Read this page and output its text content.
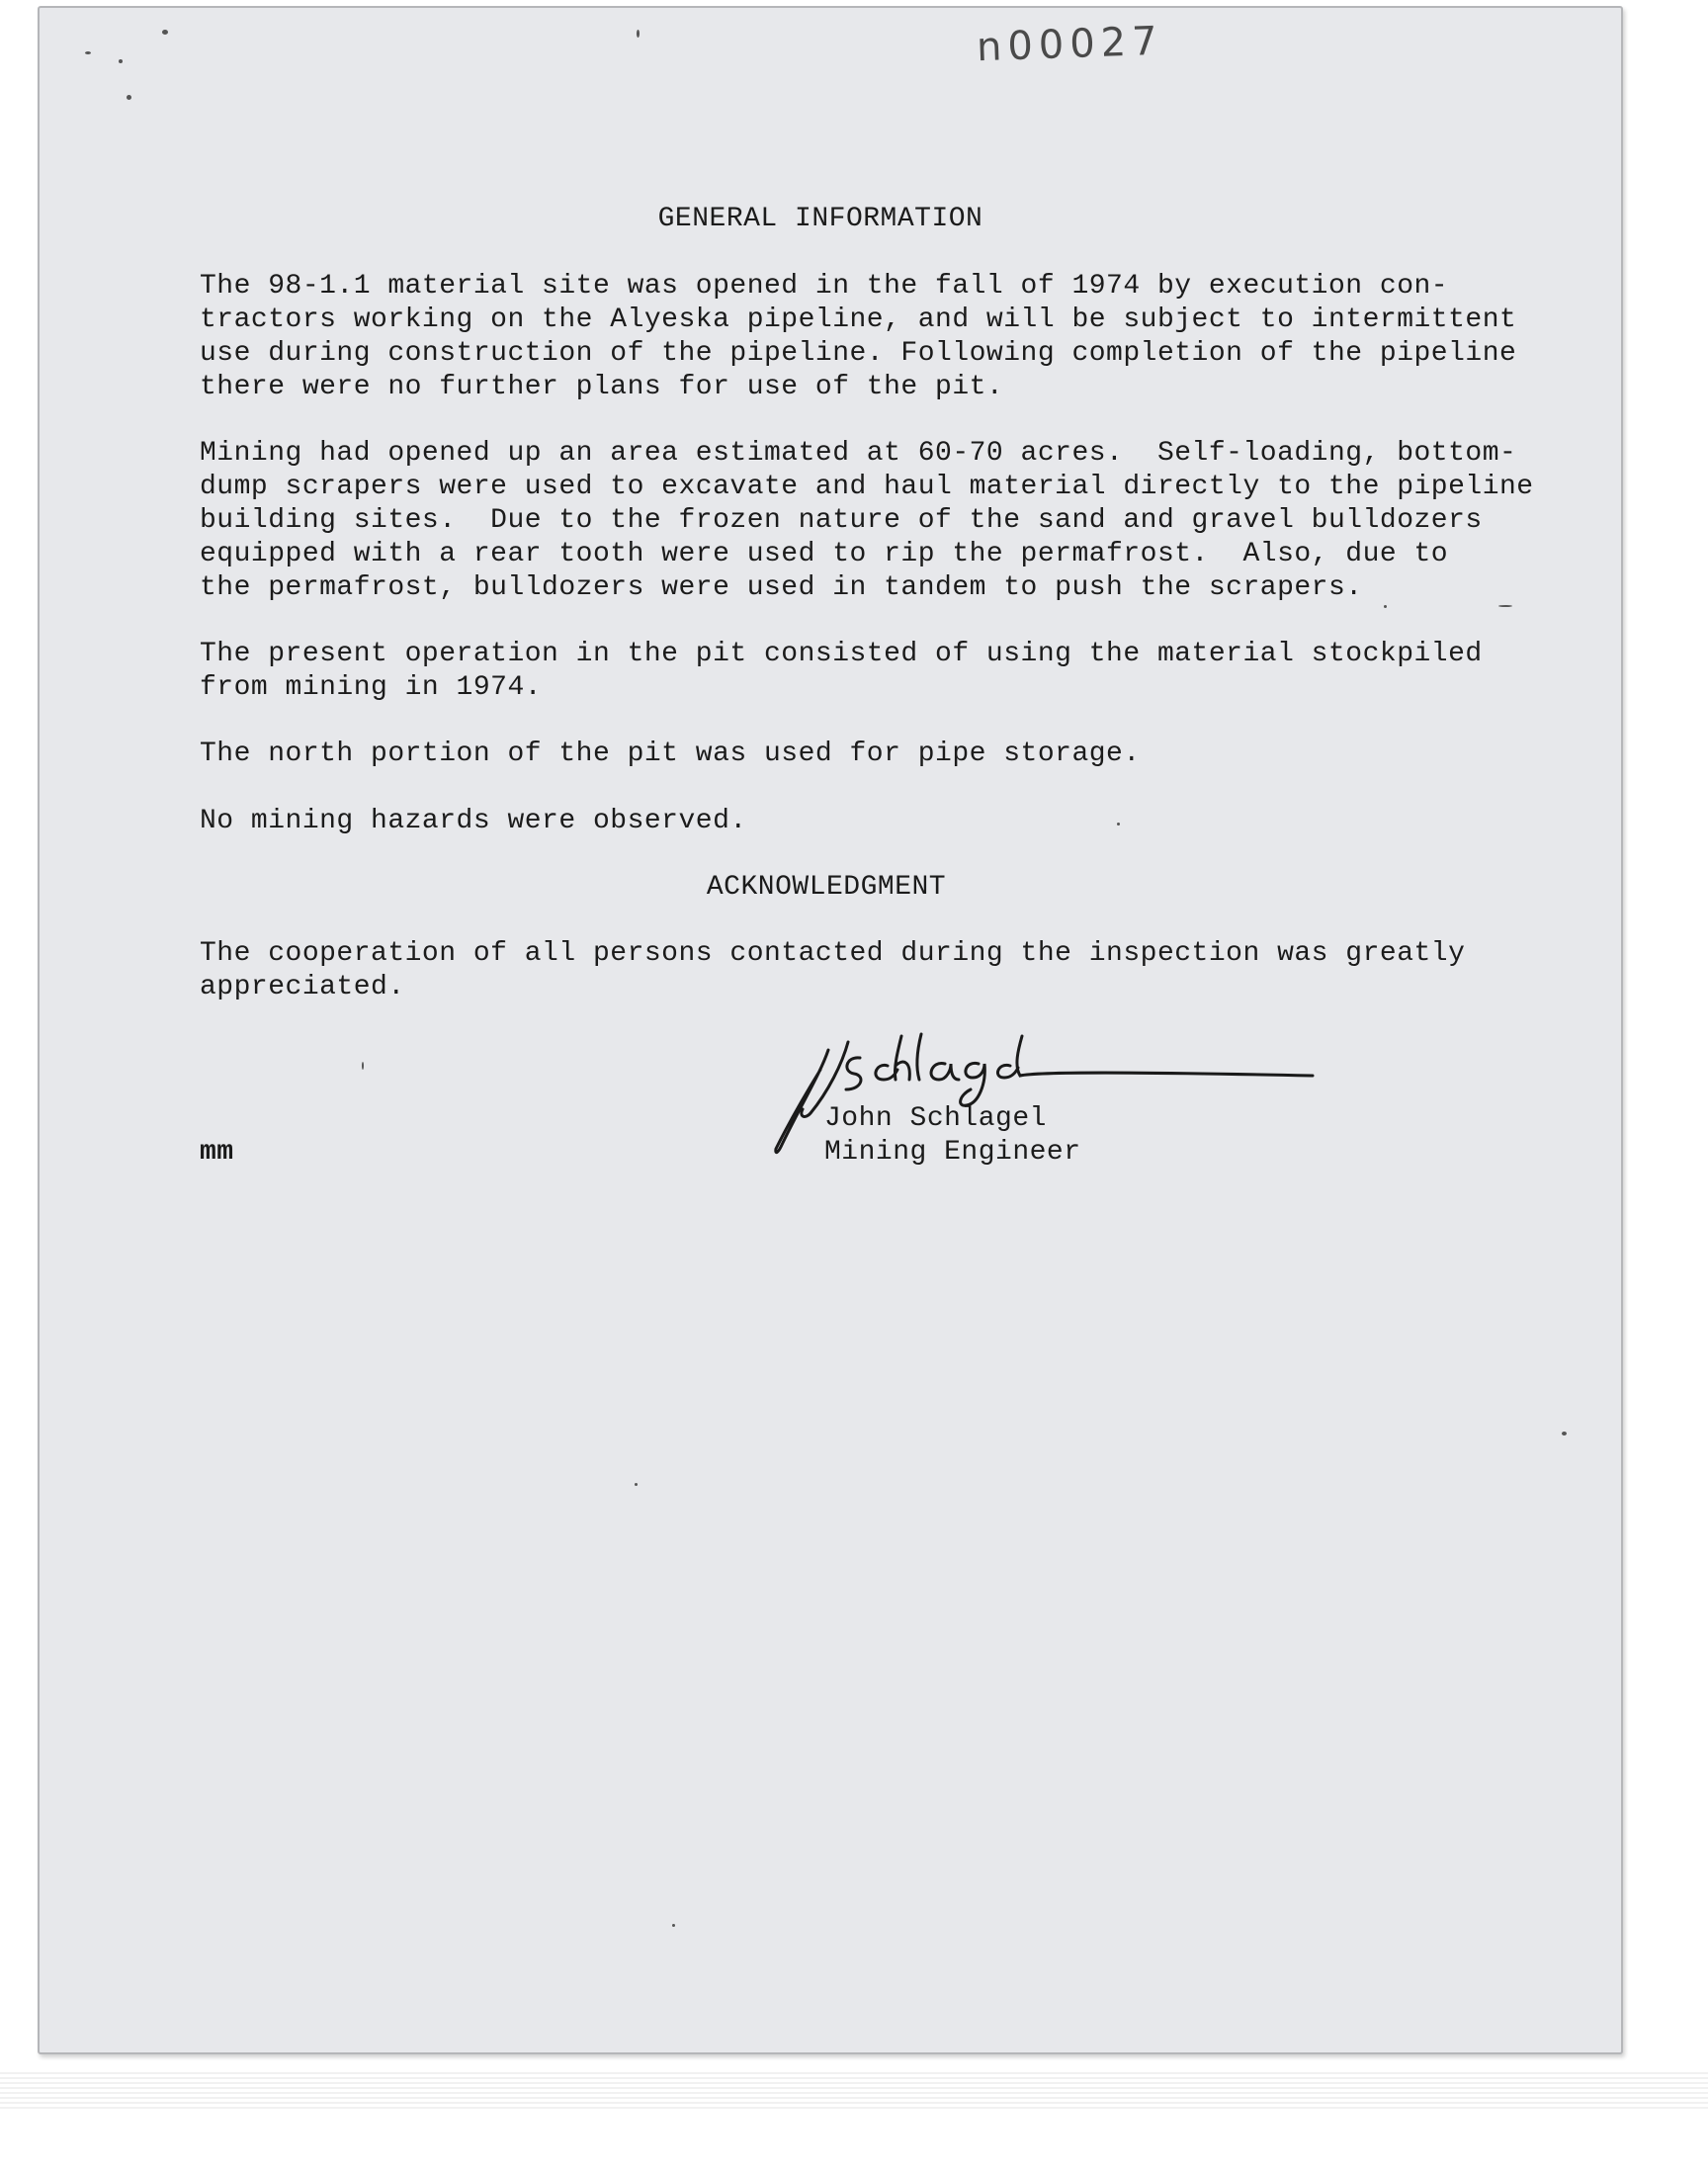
n00027
GENERAL INFORMATION
The 98-1.1 material site was opened in the fall of 1974 by execution con-
tractors working on the Alyeska pipeline, and will be subject to intermittent
use during construction of the pipeline. Following completion of the pipeline
there were no further plans for use of the pit.
Mining had opened up an area estimated at 60-70 acres.  Self-loading, bottom-
dump scrapers were used to excavate and haul material directly to the pipeline
building sites.  Due to the frozen nature of the sand and gravel bulldozers
equipped with a rear tooth were used to rip the permafrost.  Also, due to
the permafrost, bulldozers were used in tandem to push the scrapers.
The present operation in the pit consisted of using the material stockpiled
from mining in 1974.
The north portion of the pit was used for pipe storage.
No mining hazards were observed.
ACKNOWLEDGMENT
The cooperation of all persons contacted during the inspection was greatly
appreciated.
John Schlagel
Mining Engineer
mm
